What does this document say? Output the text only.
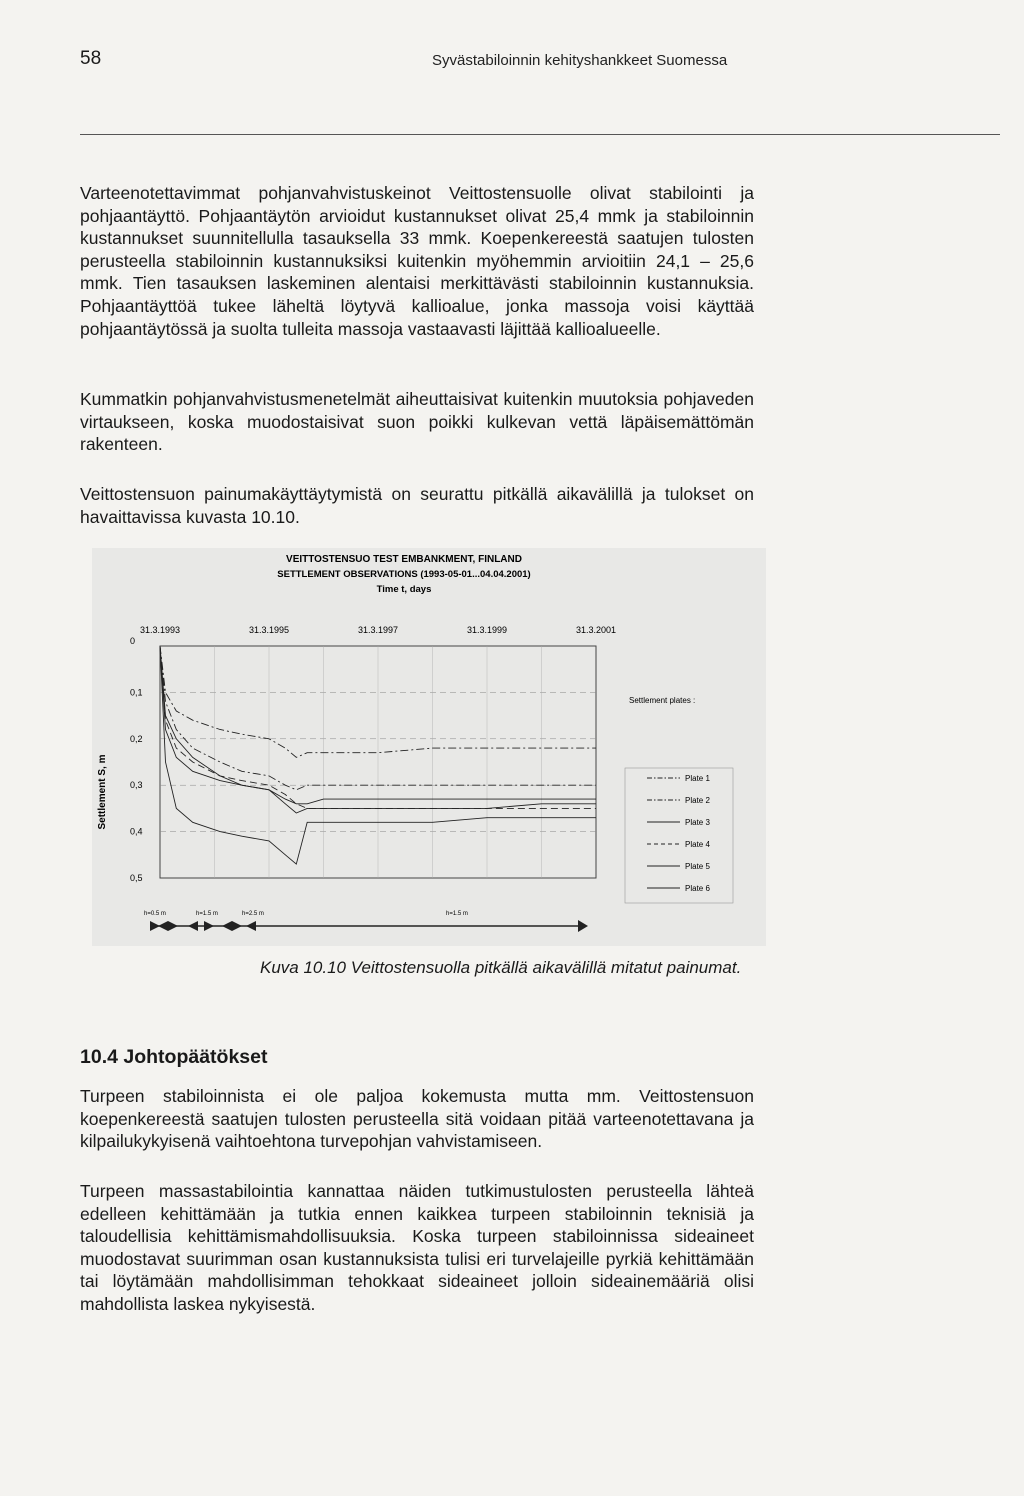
58	Syvästabiloinnin kehityshankkeet Suomessa

Varteenotettavimmat pohjanvahvistuskeinot Veittostensuolle olivat stabilointi ja pohjaantäyttö. Pohjaantäytön arvioidut kustannukset olivat 25,4 mmk ja stabiloinnin kustannukset suunnitellulla tasauksella 33 mmk. Koepenkereestä saatujen tulosten perusteella stabiloinnin kustannuksiksi kuitenkin myöhemmin arvioitiin 24,1 – 25,6 mmk. Tien tasauksen laskeminen alentaisi merkittävästi stabiloinnin kustannuksia. Pohjaantäyttöä tukee läheltä löytyvä kallioalue, jonka massoja voisi käyttää pohjaantäytössä ja suolta tulleita massoja vastaavasti läjittää kallioalueelle.

Kummatkin pohjanvahvistusmenetelmät aiheuttaisivat kuitenkin muutoksia pohjaveden virtaukseen, koska muodostaisivat suon poikki kulkevan vettä läpäisemättömän rakenteen.

Veittostensuon painumakäyttäytymistä on seurattu pitkällä aikavälillä ja tulokset on havaittavissa kuvasta 10.10.

VEITTOSTENSUO TEST EMBANKMENT, FINLAND
SETTLEMENT OBSERVATIONS (1993-05-01...04.04.2001)
Time t, days
Settlement S, m
31.3.1993	31.3.1995	31.3.1997	31.3.1999	31.3.2001
0
0,1
0,2
0,3
0,4
0,5
Settlement plates :
Plate 1
Plate 2
Plate 3
Plate 4
Plate 5
Plate 6
h=0.5 m	h=1.5 m	h=2.5 m	h=1.5 m
Kuva 10.10 Veittostensuolla pitkällä aikavälillä mitatut painumat.
10.4 Johtopäätökset

Turpeen stabiloinnista ei ole paljoa kokemusta mutta mm. Veittostensuon koepenkereestä saatujen tulosten perusteella sitä voidaan pitää varteenotettavana ja kilpailukykyisenä vaihtoehtona turvepohjan vahvistamiseen.

Turpeen massastabilointia kannattaa näiden tutkimustulosten perusteella lähteä edelleen kehittämään ja tutkia ennen kaikkea turpeen stabiloinnin teknisiä ja taloudellisia kehittämismahdollisuuksia. Koska turpeen stabiloinnissa sideaineet muodostavat suurimman osan kustannuksista tulisi eri turvelajeille pyrkiä kehittämään tai löytämään mahdollisimman tehokkaat sideaineet jolloin sideainemääriä olisi mahdollista laskea nykyisestä.
